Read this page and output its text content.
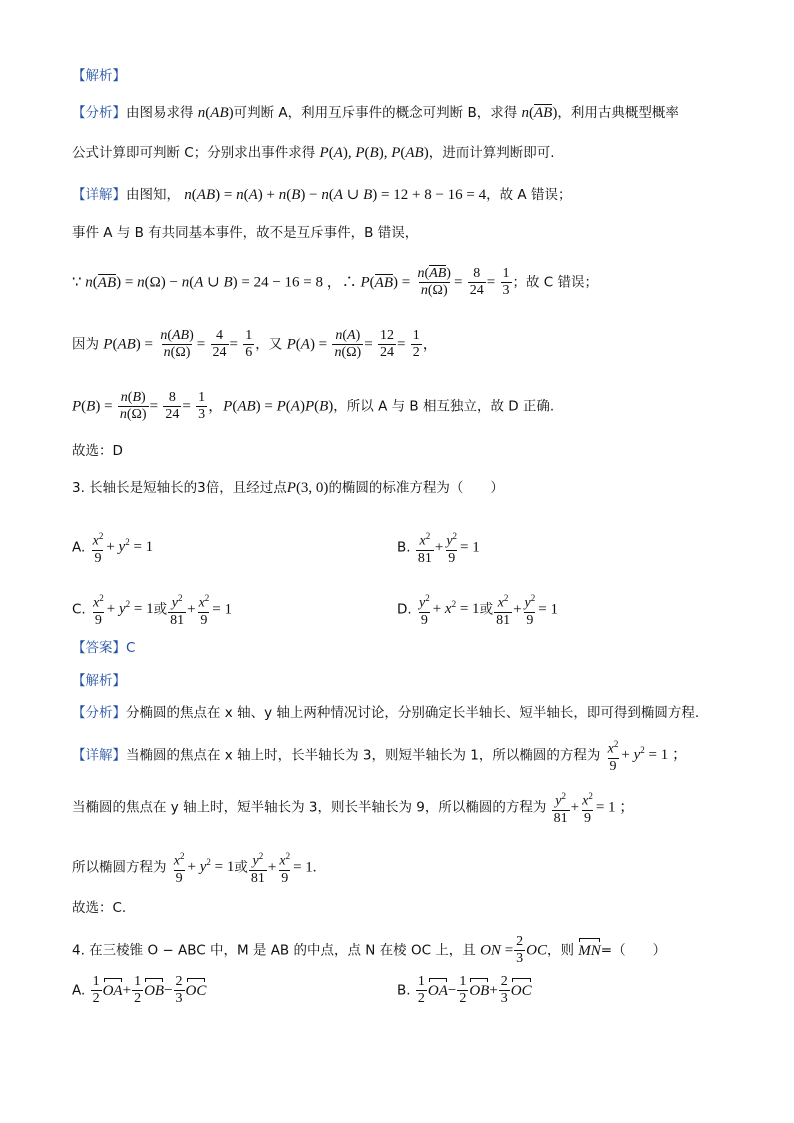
【解析】
【分析】由图易求得 n(AB)可判断 A，利用互斥事件的概念可判断 B，求得 n(AB)，利用古典概型概率
公式计算即可判断 C；分别求出事件求得 P(A), P(B), P(AB)，进而计算判断即可.
【详解】由图知， n(AB) = n(A) + n(B) − n(A ∪ B) = 12 + 8 − 16 = 4，故 A 错误；
事件 A 与 B 有共同基本事件，故不是互斥事件，B 错误，
∵ n(AB) = n(Ω) − n(A ∪ B) = 24 − 16 = 8 ，∴ $P(AB) = \frac{n(AB)}{n(\Omega)} = \frac{8}{24} = \frac{1}{3}$ ；故 C 错误；
因为 $P(AB) = \frac{n(AB)}{n(\Omega)} = \frac{4}{24} = \frac{1}{6}$ ，又 $P(A) = \frac{n(A)}{n(\Omega)} = \frac{12}{24} = \frac{1}{2}$ ，
$P(B) = \frac{n(B)}{n(\Omega)} = \frac{8}{24} = \frac{1}{3}$ ，P(AB) = P(A)P(B)，所以 A 与 B 相互独立，故 D 正确.
故选：D
3. 长轴长是短轴长的3倍，且经过点P(3, 0)的椭圆的标准方程为（　　）
A. $\frac{x^2}{9} + y^2 = 1$	B. $\frac{x^2}{81} + \frac{y^2}{9} = 1$
C. $\frac{x^2}{9} + y^2 = 1$或 $\frac{y^2}{81} + \frac{x^2}{9} = 1$	D. $\frac{y^2}{9} + x^2 = 1$或 $\frac{x^2}{81} + \frac{y^2}{9} = 1$
【答案】C
【解析】
【分析】分椭圆的焦点在 x 轴、y 轴上两种情况讨论，分别确定长半轴长、短半轴长，即可得到椭圆方程.
【详解】当椭圆的焦点在 x 轴上时，长半轴长为 3，则短半轴长为 1，所以椭圆的方程为 $\frac{x^2}{9} + y^2 = 1$ ；
当椭圆的焦点在 y 轴上时，短半轴长为 3，则长半轴长为 9，所以椭圆的方程为 $\frac{y^2}{81} + \frac{x^2}{9} = 1$ ；
所以椭圆方程为 $\frac{x^2}{9} + y^2 = 1$或 $\frac{y^2}{81} + \frac{x^2}{9} = 1$.
故选：C.
4. 在三棱锥 O − ABC 中，M 是 AB 的中点，点 N 在棱 OC 上，且 ON = $\frac{2}{3}$ OC，则 MN=（　　）
A. $\frac{1}{2} OA+ \frac{1}{2} OB- \frac{2}{3}$ OC	B. $\frac{1}{2} OA- \frac{1}{2} OB+ \frac{2}{3}$ OC
